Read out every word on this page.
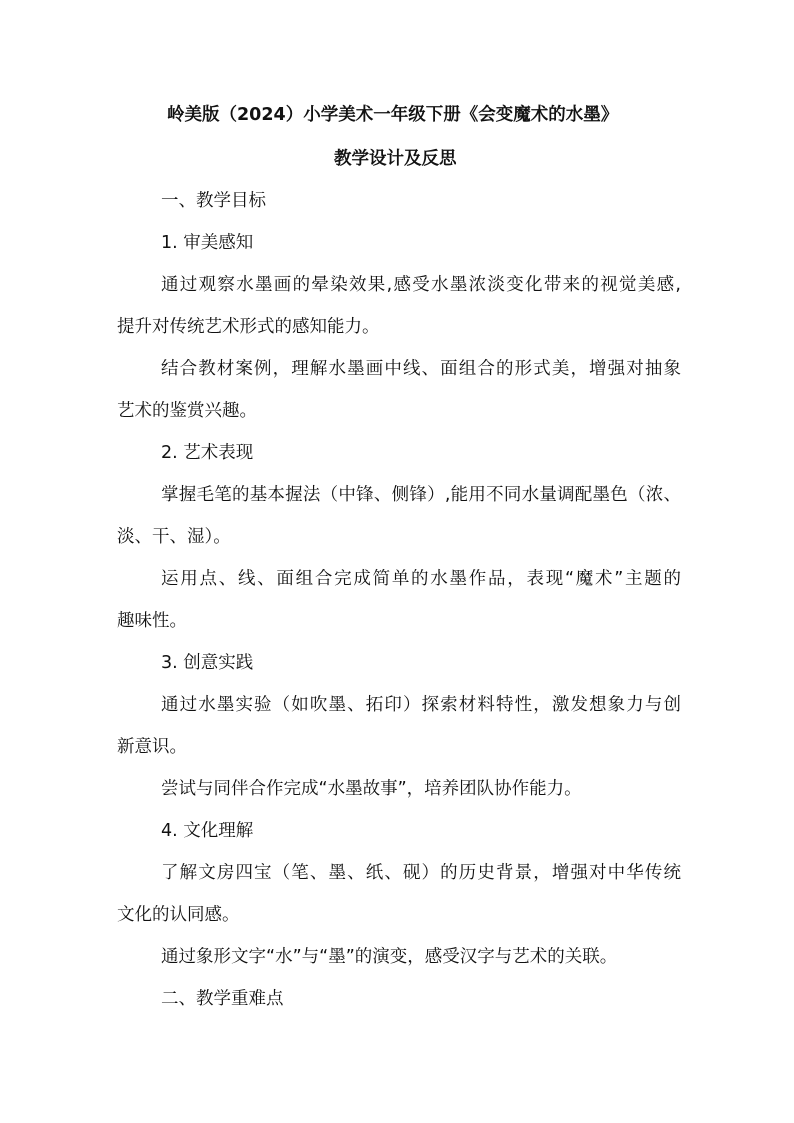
岭美版（2024）小学美术一年级下册《会变魔术的水墨》
教学设计及反思
一、教学目标
1. 审美感知
通过观察水墨画的晕染效果,感受水墨浓淡变化带来的视觉美感,
提升对传统艺术形式的感知能力。
结合教材案例，理解水墨画中线、面组合的形式美，增强对抽象
艺术的鉴赏兴趣。
2. 艺术表现
掌握毛笔的基本握法（中锋、侧锋）,能用不同水量调配墨色（浓、
淡、干、湿）。
运用点、线、面组合完成简单的水墨作品，表现“魔术”主题的
趣味性。
3. 创意实践
通过水墨实验（如吹墨、拓印）探索材料特性，激发想象力与创
新意识。
尝试与同伴合作完成“水墨故事”，培养团队协作能力。
4. 文化理解
了解文房四宝（笔、墨、纸、砚）的历史背景，增强对中华传统
文化的认同感。
通过象形文字“水”与“墨”的演变，感受汉字与艺术的关联。
二、教学重难点
